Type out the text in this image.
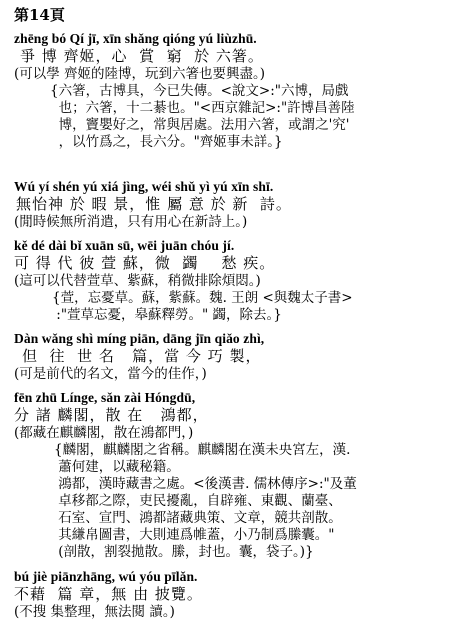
第14頁
zhēng bó Qí jī, xīn shǎng qióng yú liùzhū.
爭 博 齊姬，心  賞  窮  於 六箸。
(可以學 齊姬的陸博，玩到六箸也要興盡。)
{六箸，古博具，今已失傳。<說文>:"六博，局戲
也；六箸，十二綦也。"<西京雜記>:"許博昌善陸
博，竇嬰好之，常與居處。法用六箸，或謂之'究'
，以竹爲之，長六分。"齊姬事未詳。}
Wú yí shén yú xiá jìng, wéi shǔ yì yú xīn shī.
無怡神 於 暇 景，惟 屬 意 於 新  詩。
(閒時候無所消遣，只有用心在新詩上。)
kě dé dài bǐ xuān sū, wēi juān chóu jí.
可 得 代 彼 萱 蘇，微  蠲    愁 疾。
(這可以代替萱草、紫蘇，稍微排除煩悶。)
{萱，忘憂草。蘇，紫蘇。魏. 王朗 <與魏太子書>
:"萱草忘憂，皋蘇釋勞。" 蠲，除去。}
Dàn wǎng shì míng piān, dāng jīn qiǎo zhì,
但  往  世 名   篇，當 今 巧 製，
(可是前代的名文，當今的佳作，)
fēn zhū Línge, sǎn zài Hóngdū,
分 諸 麟閣，散 在   鴻都，
(都藏在麒麟閣，散在鴻都門，)
{麟閣，麒麟閣之省稱。麒麟閣在漢未央宮左，漢.
蕭何建，以藏秘籍。
鴻都，漢時藏書之處。<後漢書. 儒林傳序>:"及董
卓移都之際，吏民擾亂，自辟雍、東觀、蘭臺、
石室、宣門、鴻都諸藏典策、文章，競共剖散。
其縑帛圖書，大則連爲帷蓋，小乃制爲縢囊。"
(剖散，割裂拋散。縢，封也。囊，袋子。)}
bú jiè piānzhāng, wú yóu pīlǎn.
不藉  篇 章，無 由 披覽。
(不搜 集整理，無法閱 讀。)
